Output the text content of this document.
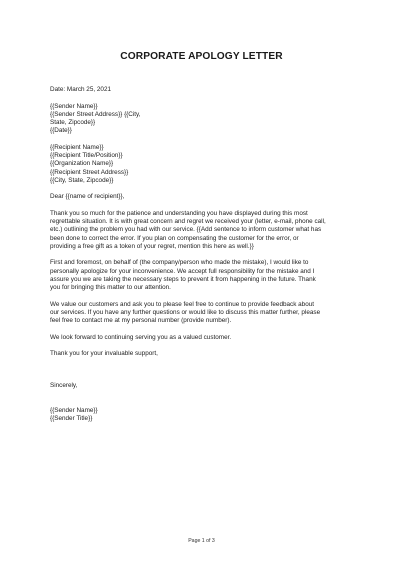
CORPORATE APOLOGY LETTER
Date: March 25, 2021
{{Sender Name}}
{{Sender Street Address}} {{City,
State, Zipcode}}
{{Date}}
{{Recipient Name}}
{{Recipient Title/Position}}
{{Organization Name}}
{{Recipient Street Address}}
{{City, State, Zipcode}}
Dear {{name of recipient}},
Thank you so much for the patience and understanding you have displayed during this most
regrettable situation. It is with great concern and regret we received your (letter, e-mail, phone call,
etc.) outlining the problem you had with our service. {{Add sentence to inform customer what has
been done to correct the error. If you plan on compensating the customer for the error, or
providing a free gift as a token of your regret, mention this here as well.}}
First and foremost, on behalf of (the company/person who made the mistake), I would like to
personally apologize for your inconvenience. We accept full responsibility for the mistake and I
assure you we are taking the necessary steps to prevent it from happening in the future. Thank
you for bringing this matter to our attention.
We value our customers and ask you to please feel free to continue to provide feedback about
our services. If you have any further questions or would like to discuss this matter further, please
feel free to contact me at my personal number (provide number).
We look forward to continuing serving you as a valued customer.
Thank you for your invaluable support,
Sincerely,
{{Sender Name}}
{{Sender Title}}
Page 1 of 3
